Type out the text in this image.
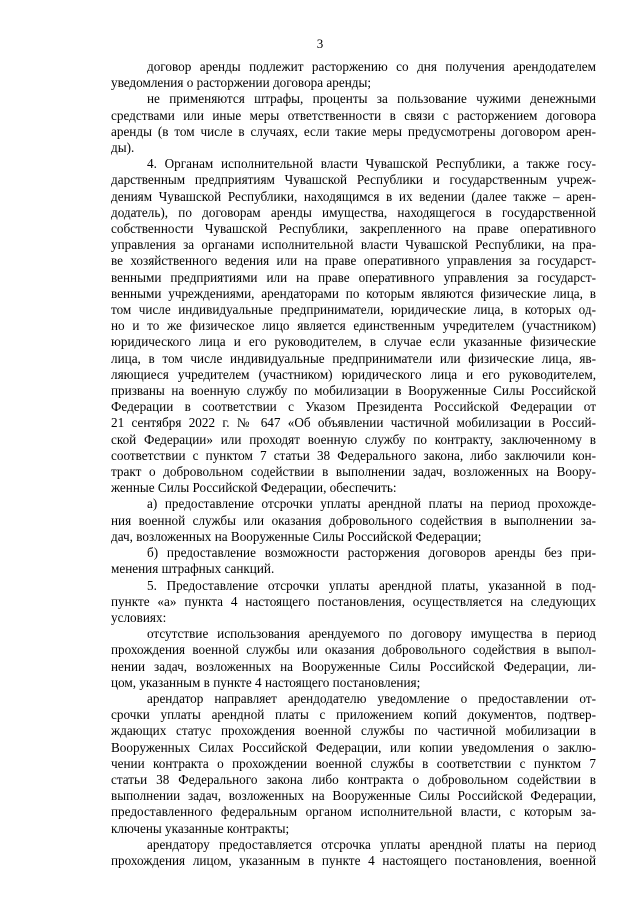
3
договор аренды подлежит расторжению со дня получения арендодателем
уведомления о расторжении договора аренды;
не применяются штрафы, проценты за пользование чужими денежными
средствами или иные меры ответственности в связи с расторжением договора
аренды (в том числе в случаях, если такие меры предусмотрены договором арен-
ды).
4. Органам исполнительной власти Чувашской Республики, а также госу-
дарственным предприятиям Чувашской Республики и государственным учреж-
дениям Чувашской Республики, находящимся в их ведении (далее также – арен-
додатель), по договорам аренды имущества, находящегося в государственной
собственности Чувашской Республики, закрепленного на праве оперативного
управления за органами исполнительной власти Чувашской Республики, на пра-
ве хозяйственного ведения или на праве оперативного управления за государст-
венными предприятиями или на праве оперативного управления за государст-
венными учреждениями, арендаторами по которым являются физические лица, в
том числе индивидуальные предприниматели, юридические лица, в которых од-
но и то же физическое лицо является единственным учредителем (участником)
юридического лица и его руководителем, в случае если указанные физические
лица, в том числе индивидуальные предприниматели или физические лица, яв-
ляющиеся учредителем (участником) юридического лица и его руководителем,
призваны на военную службу по мобилизации в Вооруженные Силы Российской
Федерации в соответствии с Указом Президента Российской Федерации от
21 сентября 2022 г. № 647 «Об объявлении частичной мобилизации в Россий-
ской Федерации» или проходят военную службу по контракту, заключенному в
соответствии с пунктом 7 статьи 38 Федерального закона, либо заключили кон-
тракт о добровольном содействии в выполнении задач, возложенных на Воору-
женные Силы Российской Федерации, обеспечить:
а) предоставление отсрочки уплаты арендной платы на период прохожде-
ния военной службы или оказания добровольного содействия в выполнении за-
дач, возложенных на Вооруженные Силы Российской Федерации;
б) предоставление возможности расторжения договоров аренды без при-
менения штрафных санкций.
5. Предоставление отсрочки уплаты арендной платы, указанной в под-
пункте «а» пункта 4 настоящего постановления, осуществляется на следующих
условиях:
отсутствие использования арендуемого по договору имущества в период
прохождения военной службы или оказания добровольного содействия в выпол-
нении задач, возложенных на Вооруженные Силы Российской Федерации, ли-
цом, указанным в пункте 4 настоящего постановления;
арендатор направляет арендодателю уведомление о предоставлении от-
срочки уплаты арендной платы с приложением копий документов, подтвер-
ждающих статус прохождения военной службы по частичной мобилизации в
Вооруженных Силах Российской Федерации, или копии уведомления о заклю-
чении контракта о прохождении военной службы в соответствии с пунктом 7
статьи 38 Федерального закона либо контракта о добровольном содействии в
выполнении задач, возложенных на Вооруженные Силы Российской Федерации,
предоставленного федеральным органом исполнительной власти, с которым за-
ключены указанные контракты;
арендатору предоставляется отсрочка уплаты арендной платы на период
прохождения лицом, указанным в пункте 4 настоящего постановления, военной
